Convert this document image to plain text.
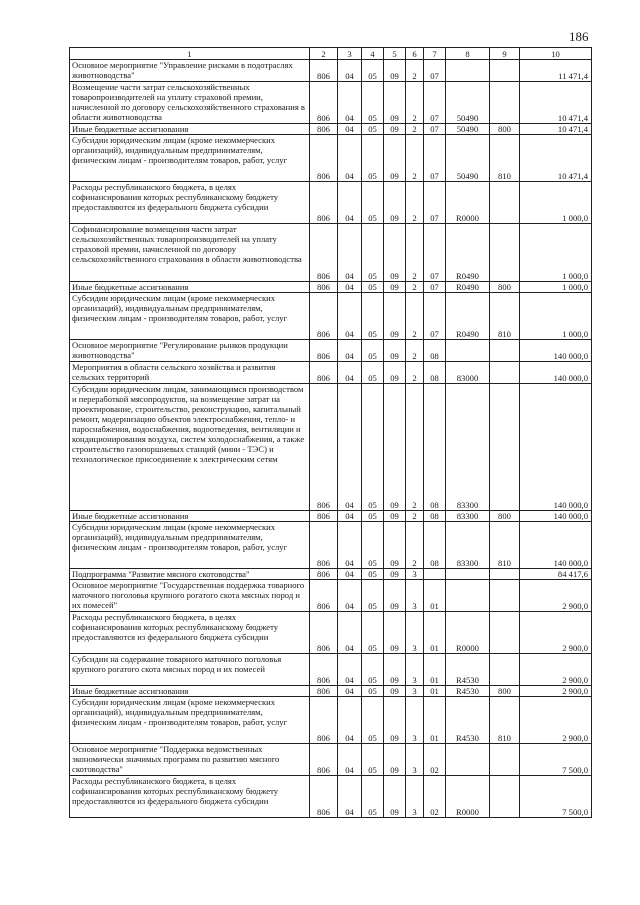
186
1	2	3	4	5	6	7	8	9	10
Основное мероприятие "Управление рисками в подотраслях животноводства"	806	04	05	09	2	07			11 471,4
Возмещение части затрат сельскохозяйственных товаропроизводителей на уплату страховой премии, начисленной по договору сельскохозяйственного страхования в области животноводства	806	04	05	09	2	07	50490		10 471,4
Иные бюджетные ассигнования	806	04	05	09	2	07	50490	800	10 471,4
Субсидии юридическим лицам (кроме некоммерческих организаций), индивидуальным предпринимателям, физическим лицам - производителям товаров, работ, услуг	806	04	05	09	2	07	50490	810	10 471,4
Расходы республиканского бюджета, в целях софинансирования которых республиканскому бюджету предоставляются из федерального бюджета субсидии	806	04	05	09	2	07	R0000		1 000,0
Софинансирование возмещения части затрат сельскохозяйственных товаропроизводителей на уплату страховой премии, начисленной по договору сельскохозяйственного страхования в области животноводства	806	04	05	09	2	07	R0490		1 000,0
Иные бюджетные ассигнования	806	04	05	09	2	07	R0490	800	1 000,0
Субсидии юридическим лицам (кроме некоммерческих организаций), индивидуальным предпринимателям, физическим лицам - производителям товаров, работ, услуг	806	04	05	09	2	07	R0490	810	1 000,0
Основное мероприятие "Регулирование рынков продукции животноводства"	806	04	05	09	2	08			140 000,0
Мероприятия в области сельского хозяйства и развития сельских территорий	806	04	05	09	2	08	83000		140 000,0
Субсидии юридическим лицам, занимающимся производством и переработкой мясопродуктов, на возмещение затрат на проектирование, строительство, реконструкцию, капитальный ремонт, модернизацию объектов электроснабжения, тепло- и пароснабжения, водоснабжения, водоотведения, вентиляции и кондиционирования воздуха, систем холодоснабжения, а также строительство газопоршневых станций (мини - ТЭС) и технологическое присоединение к электрическим сетям	806	04	05	09	2	08	83300		140 000,0
Иные бюджетные ассигнования	806	04	05	09	2	08	83300	800	140 000,0
Субсидии юридическим лицам (кроме некоммерческих организаций), индивидуальным предпринимателям, физическим лицам - производителям товаров, работ, услуг	806	04	05	09	2	08	83300	810	140 000,0
Подпрограмма "Развитие мясного скотоводства"	806	04	05	09	3				84 417,6
Основное мероприятие "Государственная поддержка товарного маточного поголовья крупного рогатого скота мясных пород и их помесей"	806	04	05	09	3	01			2 900,0
Расходы республиканского бюджета, в целях софинансирования которых республиканскому бюджету предоставляются из федерального бюджета субсидии	806	04	05	09	3	01	R0000		2 900,0
Субсидии на содержание товарного маточного поголовья крупного рогатого скота мясных пород и их помесей	806	04	05	09	3	01	R4530		2 900,0
Иные бюджетные ассигнования	806	04	05	09	3	01	R4530	800	2 900,0
Субсидии юридическим лицам (кроме некоммерческих организаций), индивидуальным предпринимателям, физическим лицам - производителям товаров, работ, услуг	806	04	05	09	3	01	R4530	810	2 900,0
Основное мероприятие "Поддержка ведомственных экономически значимых программ по развитию мясного скотоводства"	806	04	05	09	3	02			7 500,0
Расходы республиканского бюджета, в целях софинансирования которых республиканскому бюджету предоставляются из федерального бюджета субсидии	806	04	05	09	3	02	R0000		7 500,0
